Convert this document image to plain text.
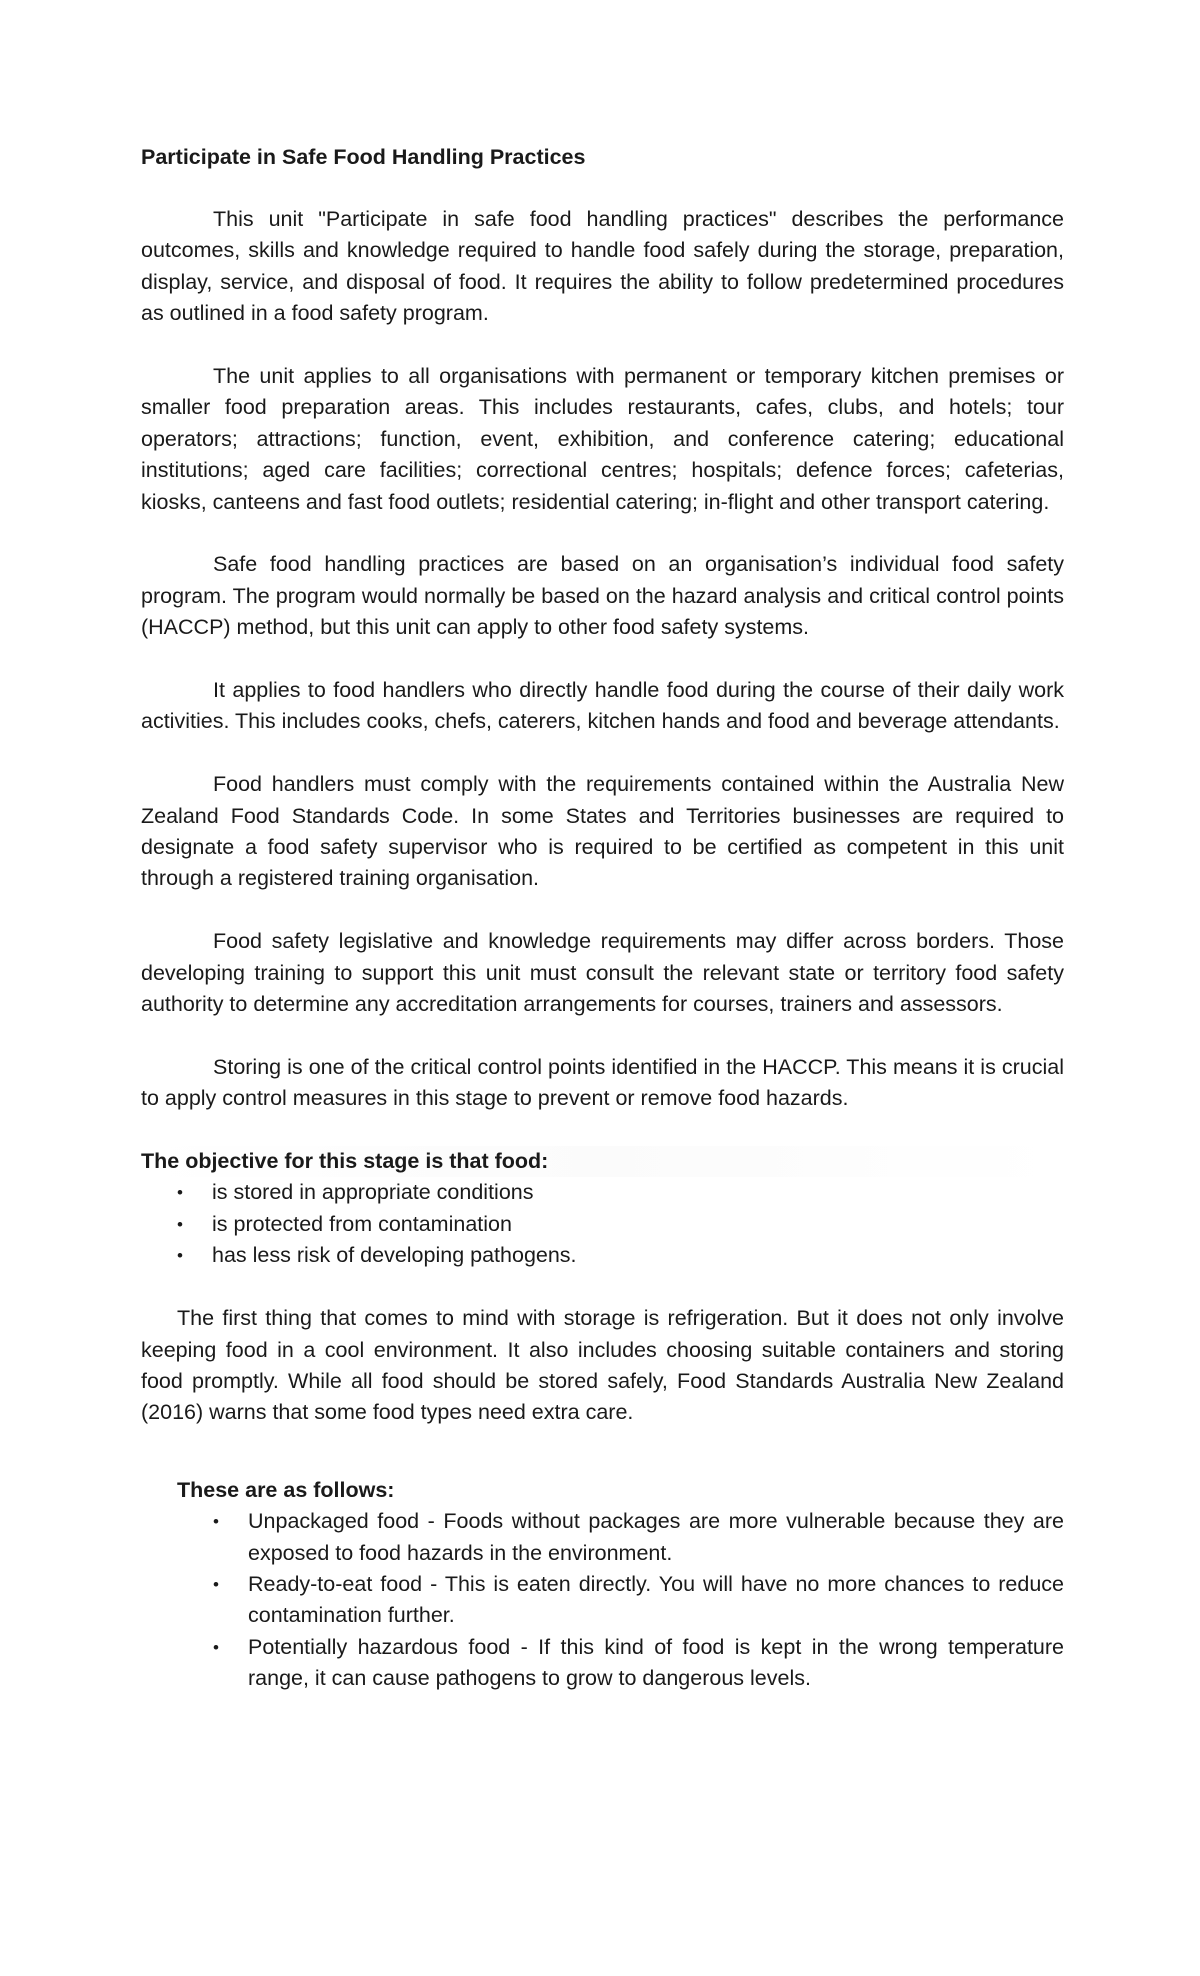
Participate in Safe Food Handling Practices

This unit "Participate in safe food handling practices" describes the performance outcomes, skills and knowledge required to handle food safely during the storage, preparation, display, service, and disposal of food. It requires the ability to follow predetermined procedures as outlined in a food safety program.

The unit applies to all organisations with permanent or temporary kitchen premises or smaller food preparation areas. This includes restaurants, cafes, clubs, and hotels; tour operators; attractions; function, event, exhibition, and conference catering; educational institutions; aged care facilities; correctional centres; hospitals; defence forces; cafeterias, kiosks, canteens and fast food outlets; residential catering; in-flight and other transport catering.

Safe food handling practices are based on an organisation’s individual food safety program. The program would normally be based on the hazard analysis and critical control points (HACCP) method, but this unit can apply to other food safety systems.

It applies to food handlers who directly handle food during the course of their daily work activities. This includes cooks, chefs, caterers, kitchen hands and food and beverage attendants.

Food handlers must comply with the requirements contained within the Australia New Zealand Food Standards Code. In some States and Territories businesses are required to designate a food safety supervisor who is required to be certified as competent in this unit through a registered training organisation.

Food safety legislative and knowledge requirements may differ across borders. Those developing training to support this unit must consult the relevant state or territory food safety authority to determine any accreditation arrangements for courses, trainers and assessors.

Storing is one of the critical control points identified in the HACCP. This means it is crucial to apply control measures in this stage to prevent or remove food hazards.

The objective for this stage is that food:
• is stored in appropriate conditions
• is protected from contamination
• has less risk of developing pathogens.

The first thing that comes to mind with storage is refrigeration. But it does not only involve keeping food in a cool environment. It also includes choosing suitable containers and storing food promptly. While all food should be stored safely, Food Standards Australia New Zealand (2016) warns that some food types need extra care.

These are as follows:
• Unpackaged food - Foods without packages are more vulnerable because they are exposed to food hazards in the environment.
• Ready-to-eat food - This is eaten directly. You will have no more chances to reduce contamination further.
• Potentially hazardous food - If this kind of food is kept in the wrong temperature range, it can cause pathogens to grow to dangerous levels.
